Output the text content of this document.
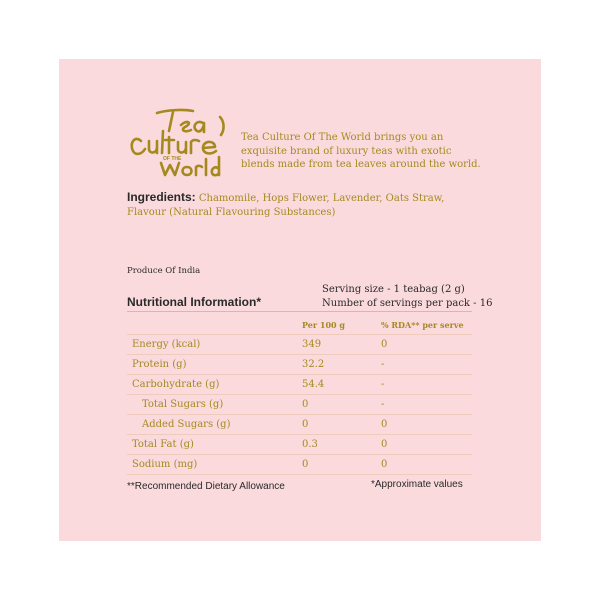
OF THE
Tea Culture Of The World brings you an exquisite brand of luxury teas with exotic blends made from tea leaves around the world.
Ingredients: Chamomile, Hops Flower, Lavender, Oats Straw, Flavour (Natural Flavouring Substances)
Produce Of India
Serving size - 1 teabag (2 g)
Number of servings per pack - 16
Nutritional Information*
	Per 100 g	% RDA** per serve
Energy (kcal)	349	0
Protein (g)	32.2	-
Carbohydrate (g)	54.4	-
Total Sugars (g)	0	-
Added Sugars (g)	0	0
Total Fat (g)	0.3	0
Sodium (mg)	0	0
**Recommended Dietary Allowance	*Approximate values
